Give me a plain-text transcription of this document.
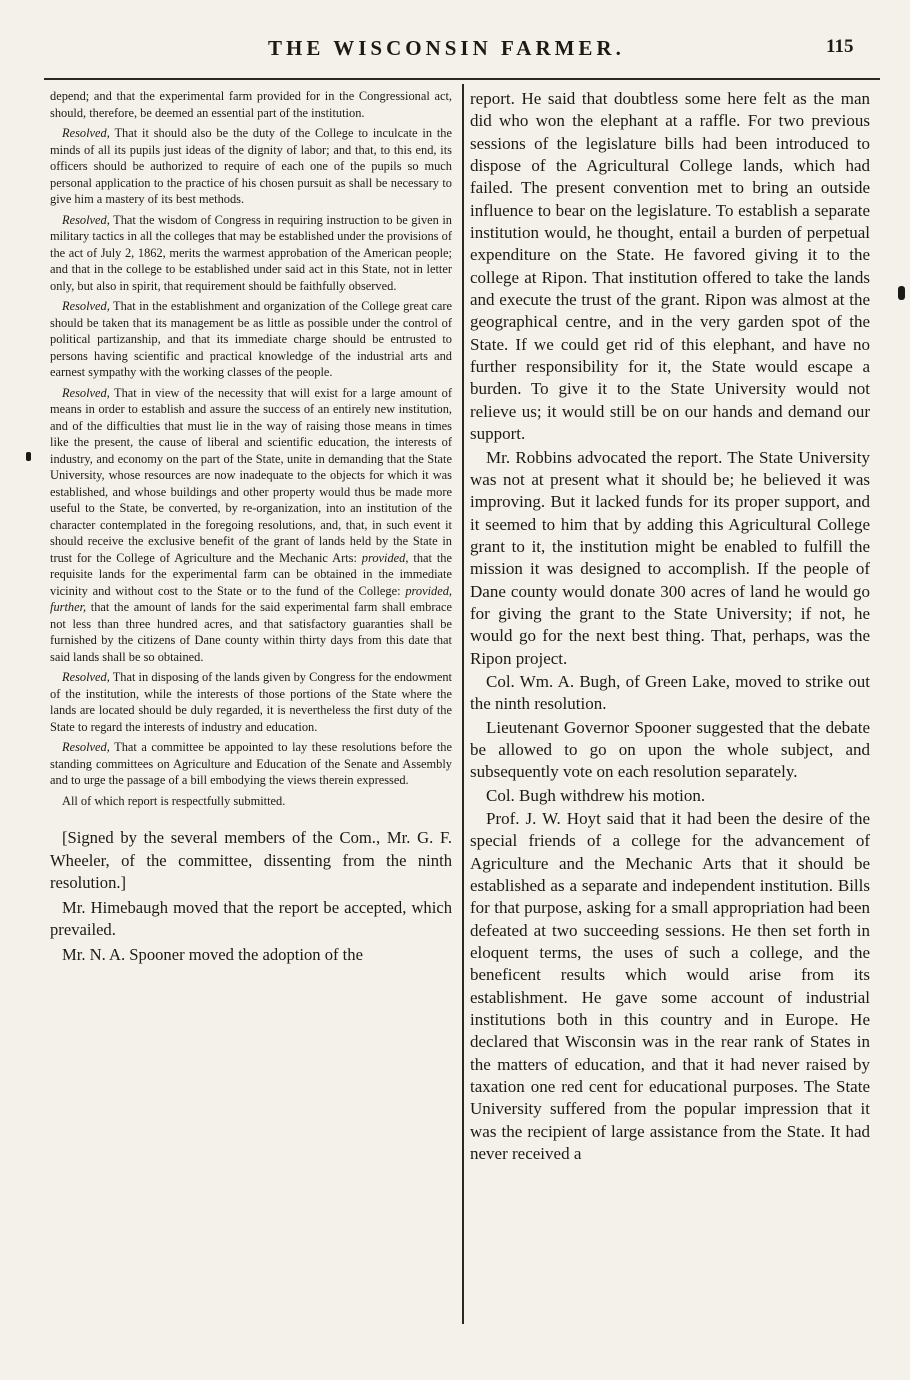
THE WISCONSIN FARMER.	115

depend; and that the experimental farm provided for in the Congressional act, should, therefore, be deemed an essential part of the institution.

Resolved, That it should also be the duty of the College to inculcate in the minds of all its pupils just ideas of the dignity of labor; and that, to this end, its officers should be authorized to require of each one of the pupils so much personal application to the practice of his chosen pursuit as shall be necessary to give him a mastery of its best methods.

Resolved, That the wisdom of Congress in requiring instruction to be given in military tactics in all the colleges that may be established under the provisions of the act of July 2, 1862, merits the warmest approbation of the American people; and that in the college to be established under said act in this State, not in letter only, but also in spirit, that requirement should be faithfully observed.

Resolved, That in the establishment and organization of the College great care should be taken that its management be as little as possible under the control of political partizanship, and that its immediate charge should be entrusted to persons having scientific and practical knowledge of the industrial arts and earnest sympathy with the working classes of the people.

Resolved, That in view of the necessity that will exist for a large amount of means in order to establish and assure the success of an entirely new institution, and of the difficulties that must lie in the way of raising those means in times like the present, the cause of liberal and scientific education, the interests of industry, and economy on the part of the State, unite in demanding that the State University, whose resources are now inadequate to the objects for which it was established, and whose buildings and other property would thus be made more useful to the State, be converted, by re-organization, into an institution of the character contemplated in the foregoing resolutions, and, that, in such event it should receive the exclusive benefit of the grant of lands held by the State in trust for the College of Agriculture and the Mechanic Arts: provided, that the requisite lands for the experimental farm can be obtained in the immediate vicinity and without cost to the State or to the fund of the College: provided, further, that the amount of lands for the said experimental farm shall embrace not less than three hundred acres, and that satisfactory guaranties shall be furnished by the citizens of Dane county within thirty days from this date that said lands shall be so obtained.

Resolved, That in disposing of the lands given by Congress for the endowment of the institution, while the interests of those portions of the State where the lands are located should be duly regarded, it is nevertheless the first duty of the State to regard the interests of industry and education.

Resolved, That a committee be appointed to lay these resolutions before the standing committees on Agriculture and Education of the Senate and Assembly and to urge the passage of a bill embodying the views therein expressed.

All of which report is respectfully submitted.

[Signed by the several members of the Com., Mr. G. F. Wheeler, of the committee, dissenting from the ninth resolution.]

Mr. Himebaugh moved that the report be accepted, which prevailed.

Mr. N. A. Spooner moved the adoption of the

report. He said that doubtless some here felt as the man did who won the elephant at a raffle. For two previous sessions of the legislature bills had been introduced to dispose of the Agricultural College lands, which had failed. The present convention met to bring an outside influence to bear on the legislature. To establish a separate institution would, he thought, entail a burden of perpetual expenditure on the State. He favored giving it to the college at Ripon. That institution offered to take the lands and execute the trust of the grant. Ripon was almost at the geographical centre, and in the very garden spot of the State. If we could get rid of this elephant, and have no further responsibility for it, the State would escape a burden. To give it to the State University would not relieve us; it would still be on our hands and demand our support.

Mr. Robbins advocated the report. The State University was not at present what it should be; he believed it was improving. But it lacked funds for its proper support, and it seemed to him that by adding this Agricultural College grant to it, the institution might be enabled to fulfill the mission it was designed to accomplish. If the people of Dane county would donate 300 acres of land he would go for giving the grant to the State University; if not, he would go for the next best thing. That, perhaps, was the Ripon project.

Col. Wm. A. Bugh, of Green Lake, moved to strike out the ninth resolution.

Lieutenant Governor Spooner suggested that the debate be allowed to go on upon the whole subject, and subsequently vote on each resolution separately.

Col. Bugh withdrew his motion.

Prof. J. W. Hoyt said that it had been the desire of the special friends of a college for the advancement of Agriculture and the Mechanic Arts that it should be established as a separate and independent institution. Bills for that purpose, asking for a small appropriation had been defeated at two succeeding sessions. He then set forth in eloquent terms, the uses of such a college, and the beneficent results which would arise from its establishment. He gave some account of industrial institutions both in this country and in Europe. He declared that Wisconsin was in the rear rank of States in the matters of education, and that it had never raised by taxation one red cent for educational purposes. The State University suffered from the popular impression that it was the recipient of large assistance from the State. It had never received a
